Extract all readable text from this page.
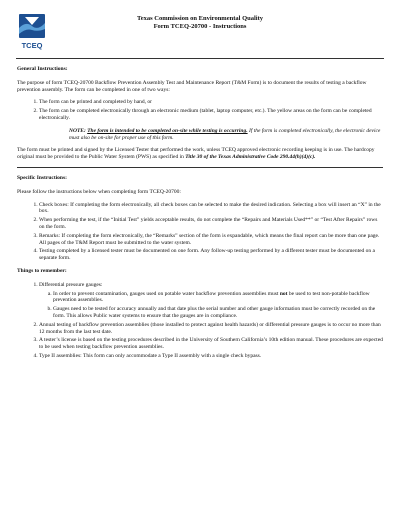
TCEQ
Texas Commission on Environmental Quality
Form TCEQ-20700 - Instructions
General Instructions:

The purpose of form TCEQ-20700 Backflow Prevention Assembly Test and Maintenance Report (T&M Form) is to document the results of testing a backflow prevention assembly. The form can be completed in one of two ways:

1. The form can be printed and completed by hand, or
2. The form can be completed electronically through an electronic medium (tablet, laptop computer, etc.). The yellow areas on the form can be completed electronically.
NOTE: The form is intended to be completed on-site while testing is occurring. If the form is completed electronically, the electronic device must also be on-site for proper use of this form.

The form must be printed and signed by the Licensed Tester that performed the work, unless TCEQ approved electronic recording keeping is in use. The hardcopy original must be provided to the Public Water System (PWS) as specified in Title 30 of the Texas Administrative Code 290.44(h)(4)(c).

Specific Instructions:

Please follow the instructions below when completing form TCEQ-20700:

1. Check boxes: If completing the form electronically, all check boxes can be selected to make the desired indication. Selecting a box will insert an “X” in the box.
2. When performing the test, if the “Initial Test” yields acceptable results, do not complete the “Repairs and Materials Used**” or “Test After Repairs” rows on the form.
3. Remarks: If completing the form electronically, the “Remarks” section of the form is expandable, which means the final report can be more than one page. All pages of the T&M Report must be submitted to the water system.
4. Testing completed by a licensed tester must be documented on one form. Any follow-up testing performed by a different tester must be documented on a separate form.
Things to remember:
1. Differential pressure gauges:
a. In order to prevent contamination, gauges used on potable water backflow prevention assemblies must not be used to test non-potable backflow prevention assemblies.
b. Gauges need to be tested for accuracy annually and that date plus the serial number and other gauge information must be correctly recorded on the form. This allows Public water systems to ensure that the gauges are in compliance.
2. Annual testing of backflow prevention assemblies (those installed to protect against health hazards) or differential pressure gauges is to occur no more than 12 months from the last test date.
3. A tester’s license is based on the testing procedures described in the University of Southern California’s 10th edition manual. These procedures are expected to be used when testing backflow prevention assemblies.
4. Type II assemblies: This form can only accommodate a Type II assembly with a single check bypass.
